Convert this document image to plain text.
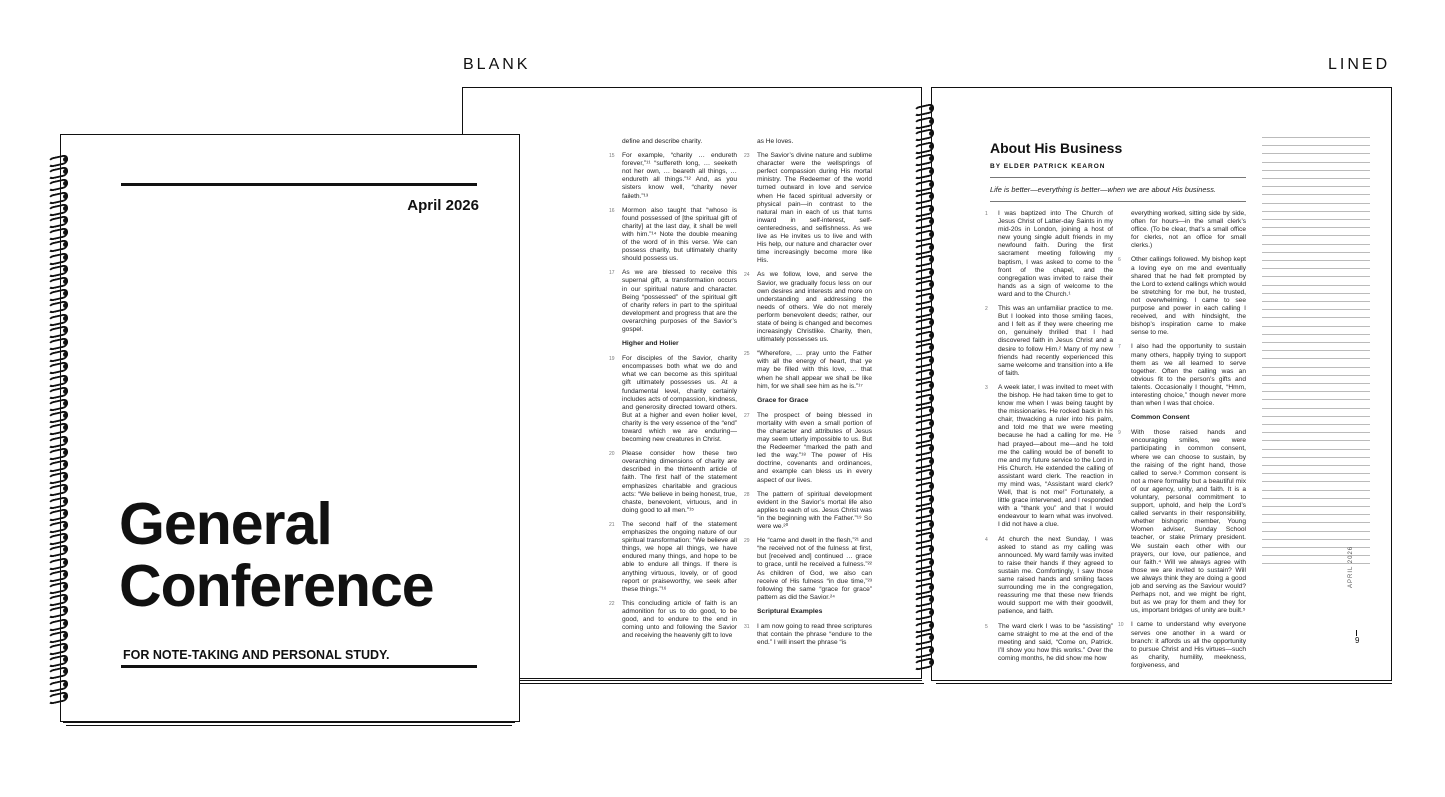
BLANK	LINED
define and describe charity.
15 For example, “charity … endureth forever,”¹¹ “suffereth long, … seeketh not her own, … beareth all things, … endureth all things.”¹² And, as you sisters know well, “charity never faileth.”¹³
16 Mormon also taught that “whoso is found possessed of [the spiritual gift of charity] at the last day, it shall be well with him.”¹⁴ Note the double meaning of the word of in this verse. We can possess charity, but ultimately charity should possess us.
17 As we are blessed to receive this supernal gift, a transformation occurs in our spiritual nature and character. Being “possessed” of the spiritual gift of charity refers in part to the spiritual development and progress that are the overarching purposes of the Savior’s gospel.
Higher and Holier
19 For disciples of the Savior, charity encompasses both what we do and what we can become as this spiritual gift ultimately possesses us. At a fundamental level, charity certainly includes acts of compassion, kindness, and generosity directed toward others. But at a higher and even holier level, charity is the very essence of the “end” toward which we are enduring—becoming new creatures in Christ.
20 Please consider how these two overarching dimensions of charity are described in the thirteenth article of faith. The first half of the statement emphasizes charitable and gracious acts: “We believe in being honest, true, chaste, benevolent, virtuous, and in doing good to all men.”¹⁵
21 The second half of the statement emphasizes the ongoing nature of our spiritual transformation: “We believe all things, we hope all things, we have endured many things, and hope to be able to endure all things. If there is anything virtuous, lovely, or of good report or praiseworthy, we seek after these things.”¹⁶
22 This concluding article of faith is an admonition for us to do good, to be good, and to endure to the end in coming unto and following the Savior and receiving the heavenly gift to love
as He loves.
23 The Savior’s divine nature and sublime character were the wellsprings of perfect compassion during His mortal ministry. The Redeemer of the world turned outward in love and service when He faced spiritual adversity or physical pain—in contrast to the natural man in each of us that turns inward in self-interest, self-centeredness, and selfishness. As we live as He invites us to live and with His help, our nature and character over time increasingly become more like His.
24 As we follow, love, and serve the Savior, we gradually focus less on our own desires and interests and more on understanding and addressing the needs of others. We do not merely perform benevolent deeds; rather, our state of being is changed and becomes increasingly Christlike. Charity, then, ultimately possesses us.
25 “Wherefore, … pray unto the Father with all the energy of heart, that ye may be filled with this love, … that when he shall appear we shall be like him, for we shall see him as he is.”¹⁷
Grace for Grace
27 The prospect of being blessed in mortality with even a small portion of the character and attributes of Jesus may seem utterly impossible to us. But the Redeemer “marked the path and led the way.”¹⁸ The power of His doctrine, covenants and ordinances, and example can bless us in every aspect of our lives.
28 The pattern of spiritual development evident in the Savior’s mortal life also applies to each of us. Jesus Christ was “in the beginning with the Father.”¹⁹ So were we.²⁰
29 He “came and dwelt in the flesh,”²¹ and “he received not of the fulness at first, but [received and] continued … grace to grace, until he received a fulness.”²² As children of God, we also can receive of His fulness “in due time,”²³ following the same “grace for grace” pattern as did the Savior.²⁴
Scriptural Examples
31 I am now going to read three scriptures that contain the phrase “endure to the end.” I will insert the phrase “is
About His Business
BY ELDER PATRICK KEARON
Life is better—everything is better—when we are about His business.
1 I was baptized into The Church of Jesus Christ of Latter-day Saints in my mid-20s in London, joining a host of new young single adult friends in my newfound faith. During the first sacrament meeting following my baptism, I was asked to come to the front of the chapel, and the congregation was invited to raise their hands as a sign of welcome to the ward and to the Church.¹
2 This was an unfamiliar practice to me. But I looked into those smiling faces, and I felt as if they were cheering me on, genuinely thrilled that I had discovered faith in Jesus Christ and a desire to follow Him.² Many of my new friends had recently experienced this same welcome and transition into a life of faith.
3 A week later, I was invited to meet with the bishop. He had taken time to get to know me when I was being taught by the missionaries. He rocked back in his chair, thwacking a ruler into his palm, and told me that we were meeting because he had a calling for me. He had prayed—about me—and he told me the calling would be of benefit to me and my future service to the Lord in His Church. He extended the calling of assistant ward clerk. The reaction in my mind was, “Assistant ward clerk? Well, that is not me!” Fortunately, a little grace intervened, and I responded with a “thank you” and that I would endeavour to learn what was involved. I did not have a clue.
4 At church the next Sunday, I was asked to stand as my calling was announced. My ward family was invited to raise their hands if they agreed to sustain me. Comfortingly, I saw those same raised hands and smiling faces surrounding me in the congregation, reassuring me that these new friends would support me with their goodwill, patience, and faith.
5 The ward clerk I was to be “assisting” came straight to me at the end of the meeting and said, “Come on, Patrick. I’ll show you how this works.” Over the coming months, he did show me how
everything worked, sitting side by side, often for hours—in the small clerk’s office. (To be clear, that’s a small office for clerks, not an office for small clerks.)
6 Other callings followed. My bishop kept a loving eye on me and eventually shared that he had felt prompted by the Lord to extend callings which would be stretching for me but, he trusted, not overwhelming. I came to see purpose and power in each calling I received, and with hindsight, the bishop’s inspiration came to make sense to me.
7 I also had the opportunity to sustain many others, happily trying to support them as we all learned to serve together. Often the calling was an obvious fit to the person’s gifts and talents. Occasionally I thought, “Hmm, interesting choice,” though never more than when I was that choice.
Common Consent
9 With those raised hands and encouraging smiles, we were participating in common consent, where we can choose to sustain, by the raising of the right hand, those called to serve.³ Common consent is not a mere formality but a beautiful mix of our agency, unity, and faith. It is a voluntary, personal commitment to support, uphold, and help the Lord’s called servants in their responsibility, whether bishopric member, Young Women adviser, Sunday School teacher, or stake Primary president. We sustain each other with our prayers, our love, our patience, and our faith.⁴ Will we always agree with those we are invited to sustain? Will we always think they are doing a good job and serving as the Saviour would? Perhaps not, and we might be right, but as we pray for them and they for us, important bridges of unity are built.⁵
10 I came to understand why everyone serves one another in a ward or branch: it affords us all the opportunity to pursue Christ and His virtues—such as charity, humility, meekness, forgiveness, and
APRIL 2026
9
April 2026
General
Conference
FOR NOTE-TAKING AND PERSONAL STUDY.
